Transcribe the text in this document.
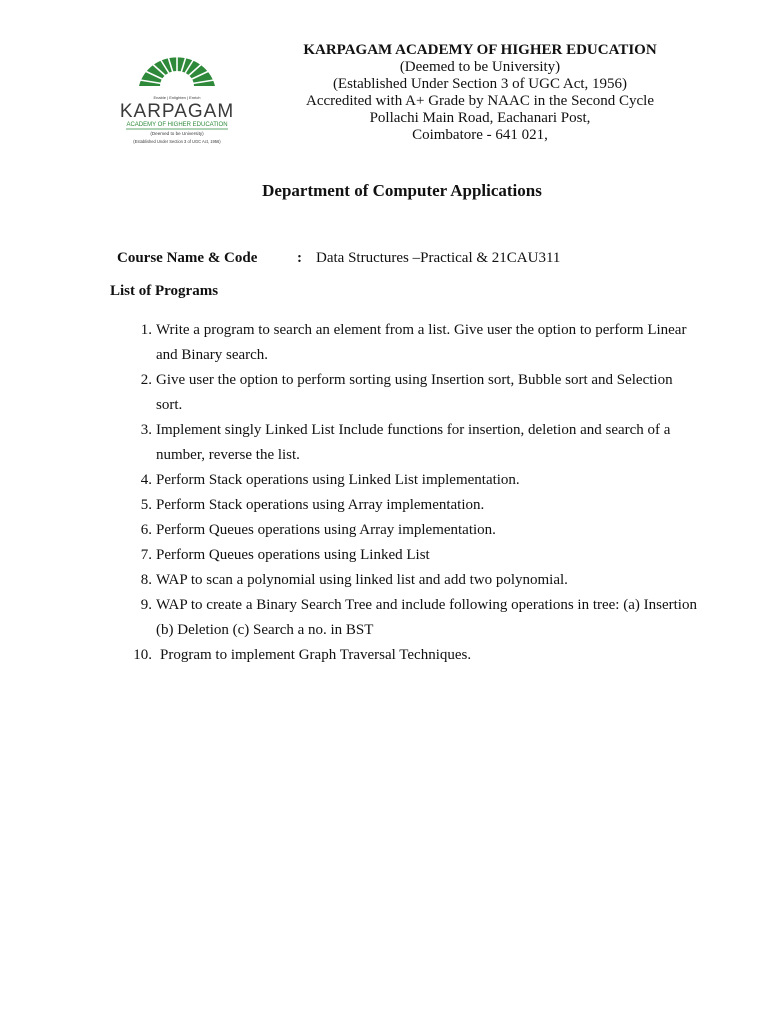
Enable | Enlighten | Enrich
KARPAGAM
ACADEMY OF HIGHER EDUCATION
(Deemed to be University)
(Established Under Section 3 of UGC Act, 1956)
KARPAGAM ACADEMY OF HIGHER EDUCATION
(Deemed to be University)
(Established Under Section 3 of UGC Act, 1956)
Accredited with A+ Grade by NAAC in the Second Cycle
Pollachi Main Road, Eachanari Post,
Coimbatore - 641 021,
Department of Computer Applications
Course Name & Code	: Data Structures –Practical & 21CAU311
List of Programs
1. Write a program to search an element from a list. Give user the option to perform Linear and Binary search.
2. Give user the option to perform sorting using Insertion sort, Bubble sort and Selection sort.
3. Implement singly Linked List Include functions for insertion, deletion and search of a number, reverse the list.
4. Perform Stack operations using Linked List implementation.
5. Perform Stack operations using Array implementation.
6. Perform Queues operations using Array implementation.
7. Perform Queues operations using Linked List
8. WAP to scan a polynomial using linked list and add two polynomial.
9. WAP to create a Binary Search Tree and include following operations in tree: (a) Insertion (b) Deletion (c) Search a no. in BST
10. Program to implement Graph Traversal Techniques.
